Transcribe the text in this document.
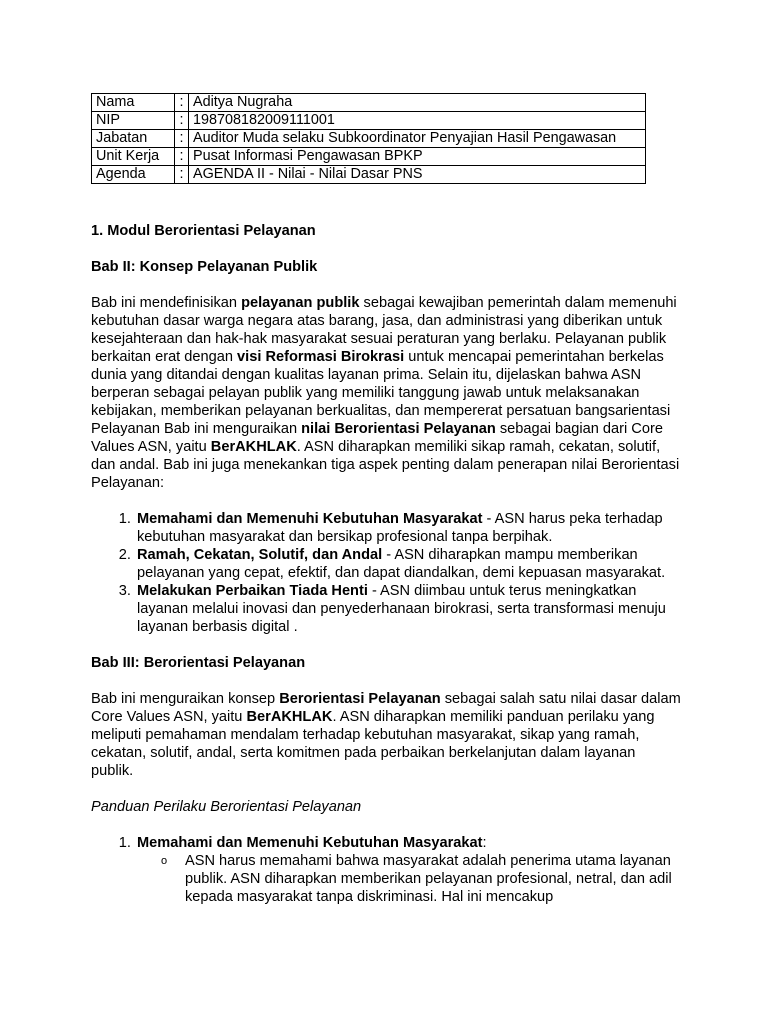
Nama	:	Aditya Nugraha
NIP	:	198708182009111001
Jabatan	:	Auditor Muda selaku Subkoordinator Penyajian Hasil Pengawasan
Unit Kerja	:	Pusat Informasi Pengawasan BPKP
Agenda	:	AGENDA II - Nilai - Nilai Dasar PNS
1. Modul Berorientasi Pelayanan
Bab II: Konsep Pelayanan Publik

Bab ini mendefinisikan pelayanan publik sebagai kewajiban pemerintah dalam memenuhi kebutuhan dasar warga negara atas barang, jasa, dan administrasi yang diberikan untuk kesejahteraan dan hak-hak masyarakat sesuai peraturan yang berlaku. Pelayanan publik berkaitan erat dengan visi Reformasi Birokrasi untuk mencapai pemerintahan berkelas dunia yang ditandai dengan kualitas layanan prima. Selain itu, dijelaskan bahwa ASN berperan sebagai pelayan publik yang memiliki tanggung jawab untuk melaksanakan kebijakan, memberikan pelayanan berkualitas, dan mempererat persatuan bangsarientasi Pelayanan Bab ini menguraikan nilai Berorientasi Pelayanan sebagai bagian dari Core Values ASN, yaitu BerAKHLAK. ASN diharapkan memiliki sikap ramah, cekatan, solutif, dan andal. Bab ini juga menekankan tiga aspek penting dalam penerapan nilai Berorientasi Pelayanan:

1. Memahami dan Memenuhi Kebutuhan Masyarakat - ASN harus peka terhadap kebutuhan masyarakat dan bersikap profesional tanpa berpihak.
2. Ramah, Cekatan, Solutif, dan Andal - ASN diharapkan mampu memberikan pelayanan yang cepat, efektif, dan dapat diandalkan, demi kepuasan masyarakat.
3. Melakukan Perbaikan Tiada Henti - ASN diimbau untuk terus meningkatkan layanan melalui inovasi dan penyederhanaan birokrasi, serta transformasi menuju layanan berbasis digital .
Bab III: Berorientasi Pelayanan

Bab ini menguraikan konsep Berorientasi Pelayanan sebagai salah satu nilai dasar dalam Core Values ASN, yaitu BerAKHLAK. ASN diharapkan memiliki panduan perilaku yang meliputi pemahaman mendalam terhadap kebutuhan masyarakat, sikap yang ramah, cekatan, solutif, andal, serta komitmen pada perbaikan berkelanjutan dalam layanan publik.

Panduan Perilaku Berorientasi Pelayanan

1. Memahami dan Memenuhi Kebutuhan Masyarakat:
o ASN harus memahami bahwa masyarakat adalah penerima utama layanan publik. ASN diharapkan memberikan pelayanan profesional, netral, dan adil kepada masyarakat tanpa diskriminasi. Hal ini mencakup
